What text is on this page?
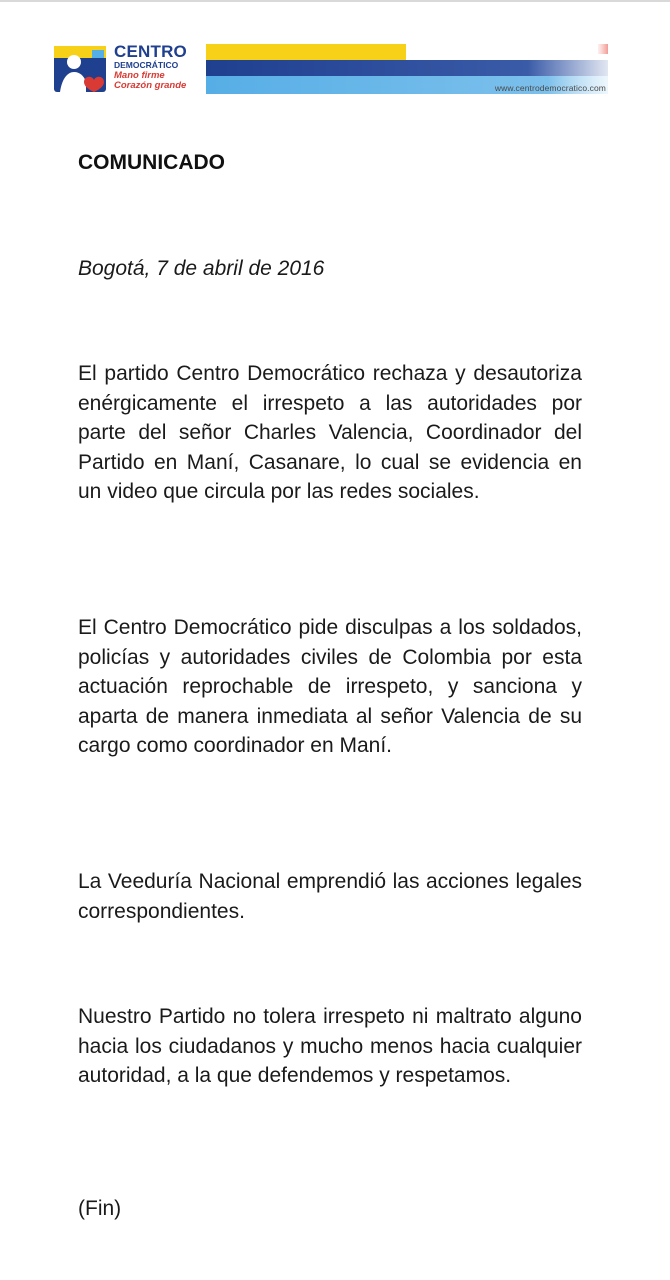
CENTRO
DEMOCRÁTICO
Mano firme
Corazón grande	www.centrodemocratico.com
COMUNICADO

Bogotá, 7 de abril de 2016

El partido Centro Democrático rechaza y desautoriza enérgicamente el irrespeto a las autoridades por parte del señor Charles Valencia, Coordinador del Partido en Maní, Casanare, lo cual se evidencia en un video que circula por las redes sociales.

El Centro Democrático pide disculpas a los soldados, policías y autoridades civiles de Colombia por esta actuación reprochable de irrespeto, y sanciona y aparta de manera inmediata al señor Valencia de su cargo como coordinador en Maní.

La Veeduría Nacional emprendió las acciones legales correspondientes.

Nuestro Partido no tolera irrespeto ni maltrato alguno hacia los ciudadanos y mucho menos hacia cualquier autoridad, a la que defendemos y respetamos.

(Fin)
